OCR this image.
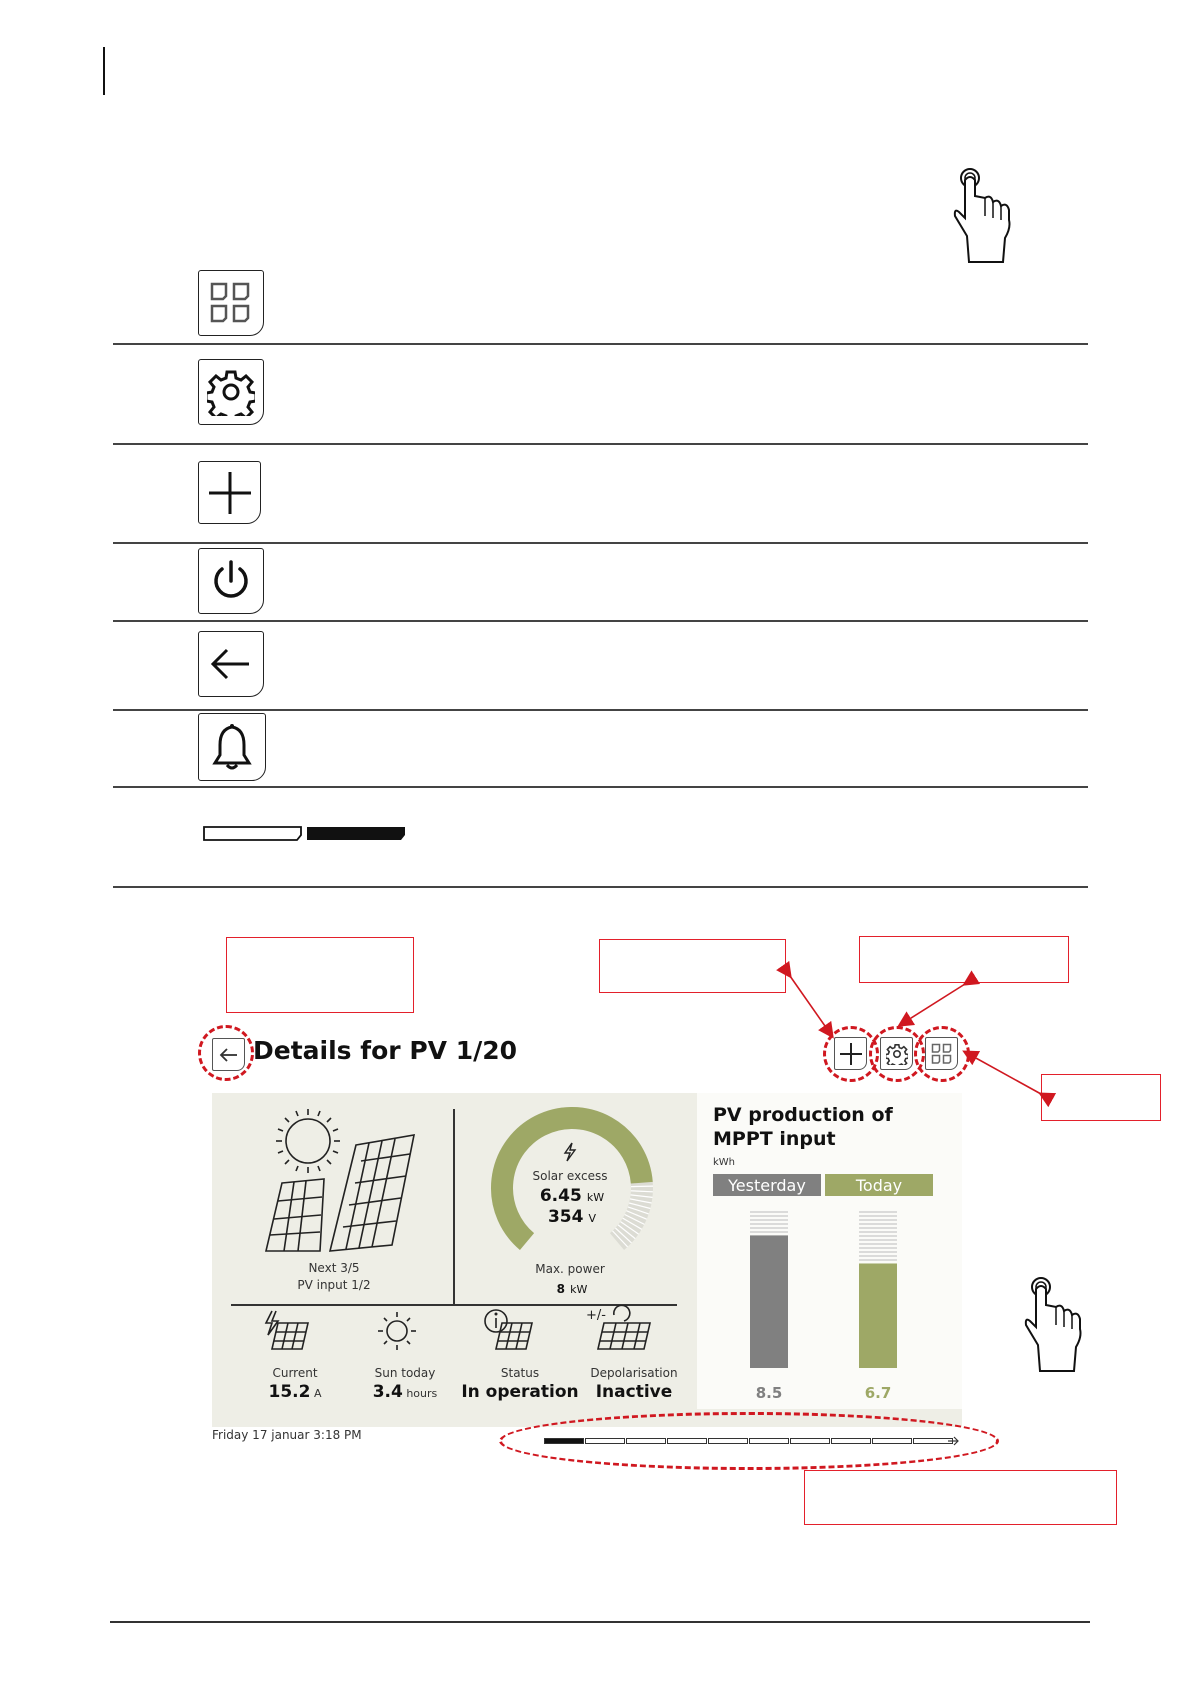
Details for PV 1/20
Next 3/5
PV input 1/2
Solar excess
6.45 kW
354 V
Max. power
8 kW
+/-
Current
15.2 A
Sun today
3.4 hours
Status
In operation
Depolarisation
Inactive
PV production of MPPT input
kWh
Yesterday
8.5
Today
6.7
Friday 17 januar 3:18 PM
